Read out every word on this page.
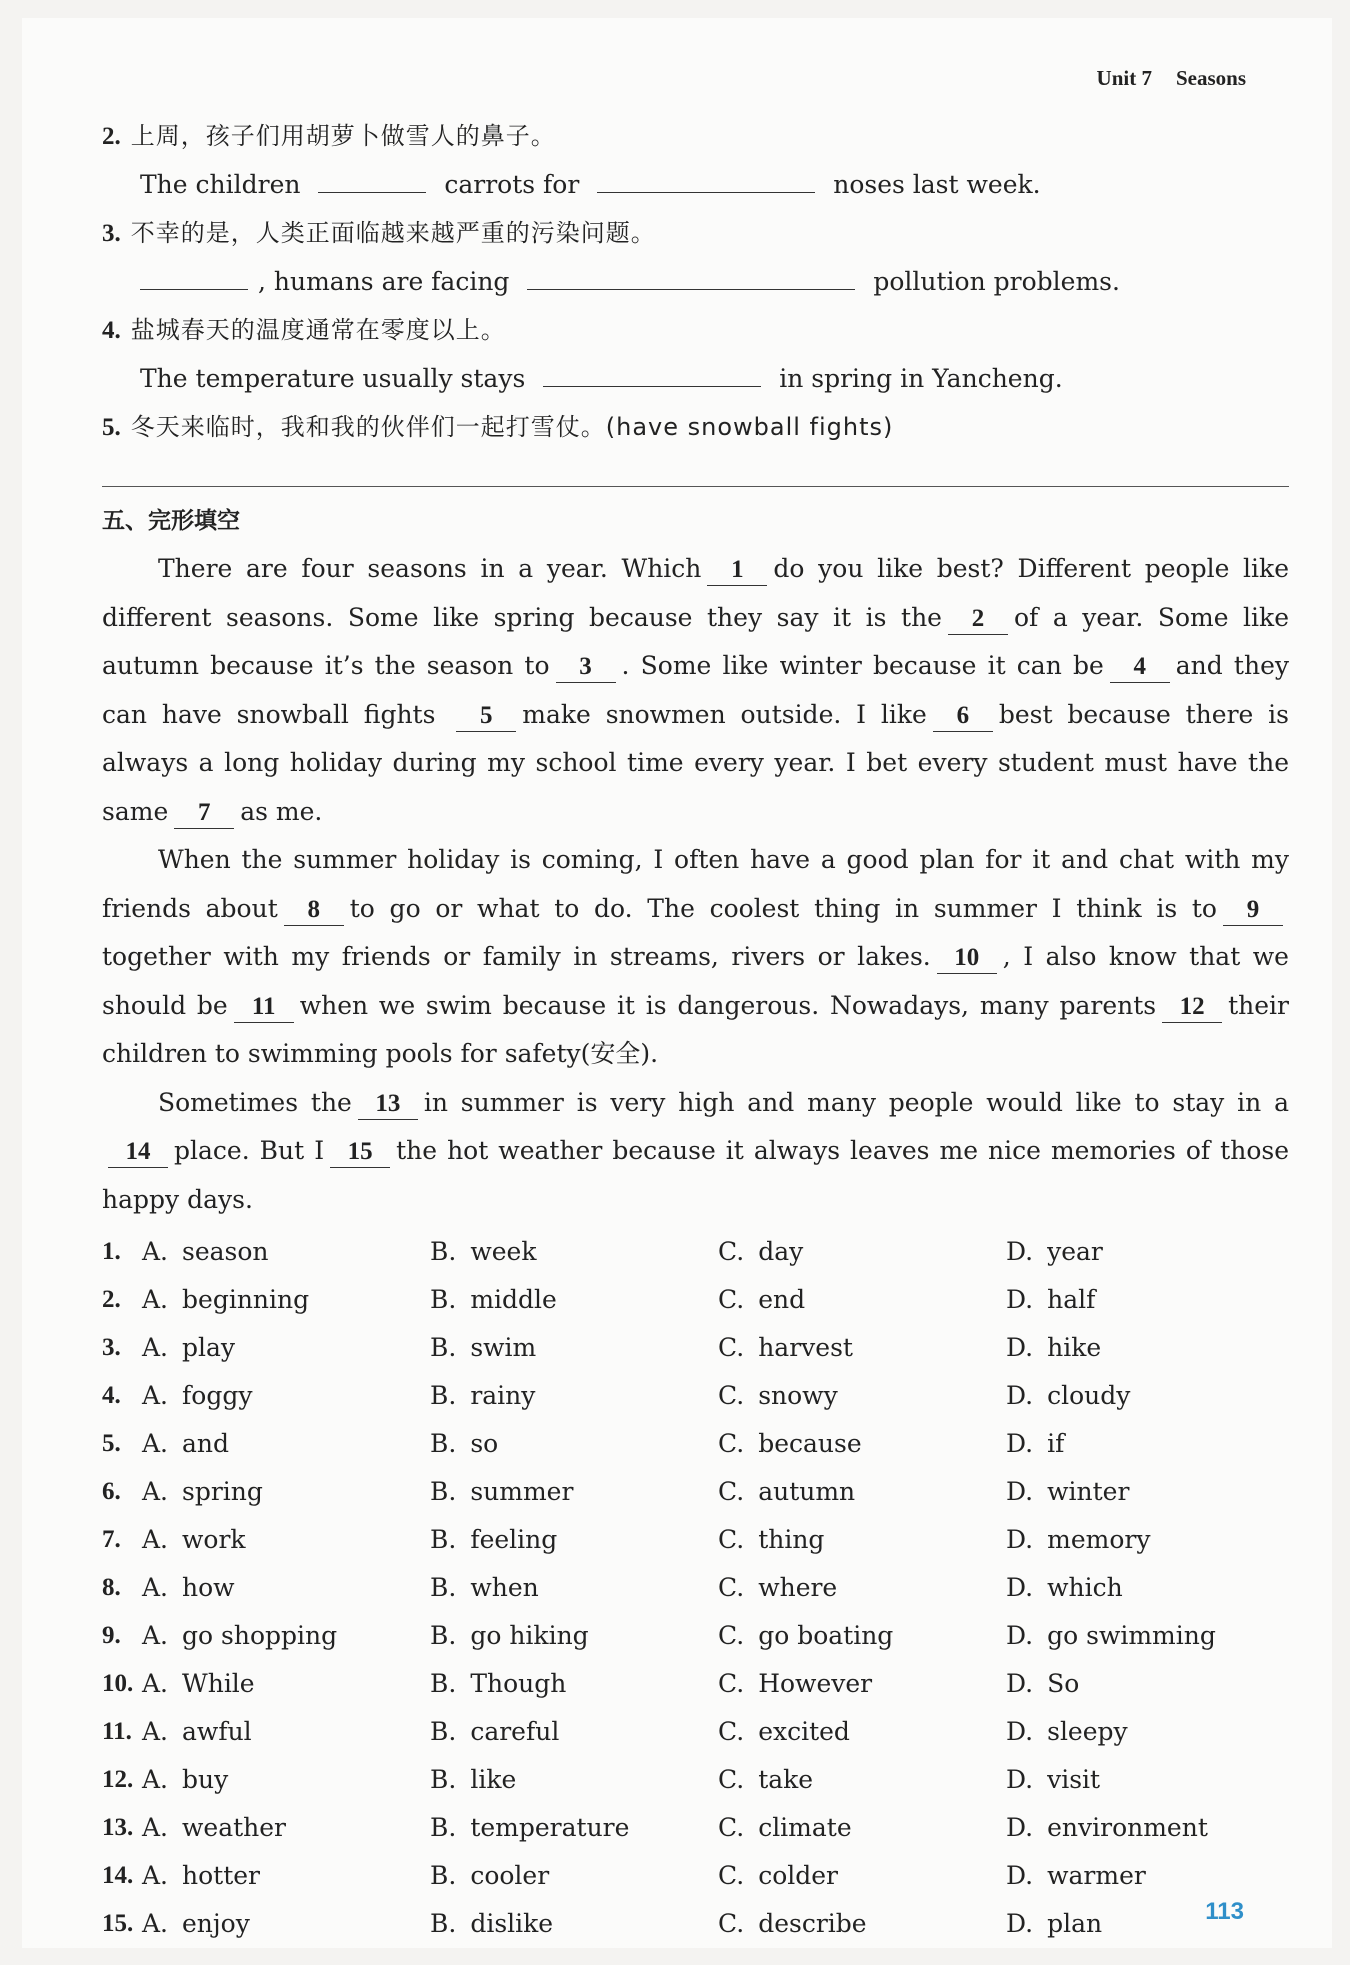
Unit 7 Seasons
2. 上周，孩子们用胡萝卜做雪人的鼻子。
The children	carrots for	noses last week.
3. 不幸的是，人类正面临越来越严重的污染问题。
, humans are facing	pollution problems.
4. 盐城春天的温度通常在零度以上。
The temperature usually stays	in spring in Yancheng.
5. 冬天来临时，我和我的伙伴们一起打雪仗。(have snowball fights)
五、完形填空

There are four seasons in a year. Which 1 do you like best? Different people like different seasons. Some like spring because they say it is the 2 of a year. Some like autumn because it’s the season to 3 . Some like winter because it can be 4 and they can have snowball fights 5 make snowmen outside. I like 6 best because there is always a long holiday during my school time every year. I bet every student must have the same 7 as me.

When the summer holiday is coming, I often have a good plan for it and chat with my friends about 8 to go or what to do. The coolest thing in summer I think is to 9together with my friends or family in streams, rivers or lakes. 10 , I also know that we should be 11 when we swim because it is dangerous. Nowadays, many parents 12 their children to swimming pools for safety(安全).

Sometimes the 13 in summer is very high and many people would like to stay in a14 place. But I 15 the hot weather because it always leaves me nice memories of those happy days.

1. A. season	B. week	C. day	D. year
2. A. beginning	B. middle	C. end	D. half
3. A. play	B. swim	C. harvest	D. hike
4. A. foggy	B. rainy	C. snowy	D. cloudy
5. A. and	B. so	C. because	D. if
6. A. spring	B. summer	C. autumn	D. winter
7. A. work	B. feeling	C. thing	D. memory
8. A. how	B. when	C. where	D. which
9. A. go shopping	B. go hiking	C. go boating	D. go swimming
10. A. While	B. Though	C. However	D. So
11. A. awful	B. careful	C. excited	D. sleepy
12. A. buy	B. like	C. take	D. visit
13. A. weather	B. temperature	C. climate	D. environment
14. A. hotter	B. cooler	C. colder	D. warmer
15. A. enjoy	B. dislike	C. describe	D. plan	113
